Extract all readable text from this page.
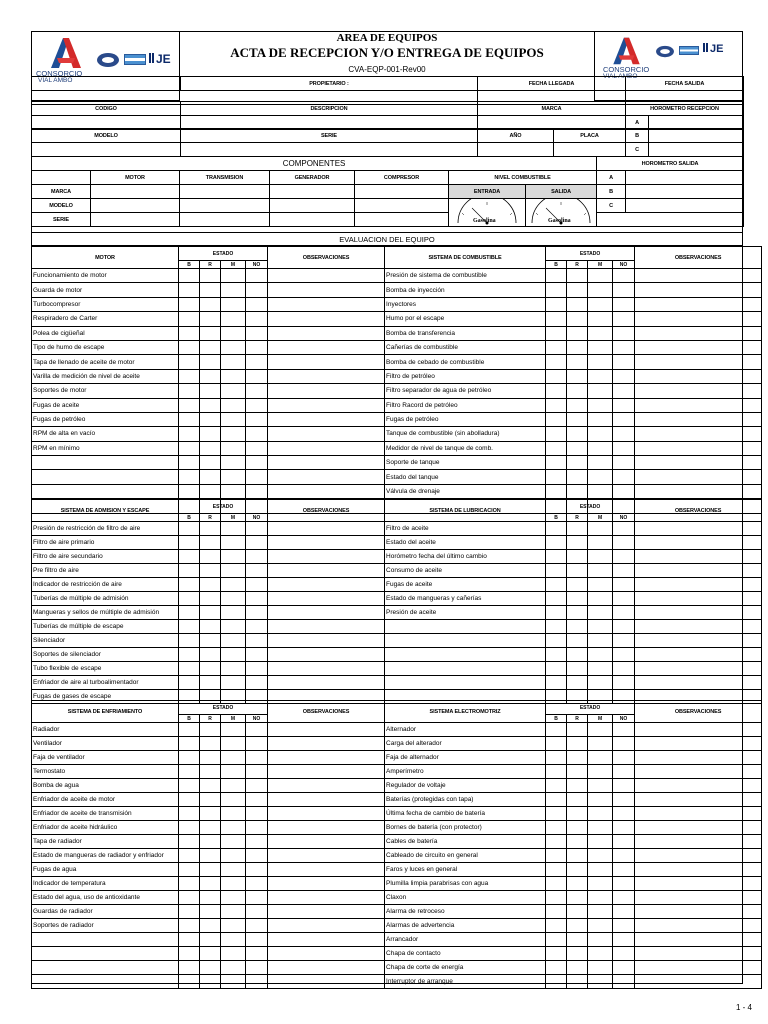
CONSORCIO
VIAL AMBO
JE
CONSORCIO
VIAL AMBO
JE
AREA DE EQUIPOS
ACTA DE RECEPCION Y/O ENTREGA DE EQUIPOS
CVA-EQP-001-Rev00
	PROPIETARIO :	FECHA LLEGADA	FECHA SALIDA

CODIGO	DESCRIPCION	MARCA	HOROMETRO RECEPCION	
			A	
MODELO	SERIE	AÑO	PLACA	B	
				C	
COMPONENTES							HOROMETRO SALIDA	
	MOTOR	TRANSMISION	GENERADOR	COMPRESOR	NIVEL COMBUSTIBLE		A	
MARCA					ENTRADA	SALIDA	B	
MODELO					Gasolina	Gasolina	C	
SERIE								
EVALUACION DEL EQUIPO
MOTOR	ESTADO				OBSERVACIONES	SISTEMA DE COMBUSTIBLE	ESTADO				OBSERVACIONES
	B	R	M	NO			B	R	M	NO	
Funcionamiento de motor						Presión de sistema de combustible					
Guarda de motor						Bomba de inyección					
Turbocompresor						Inyectores					
Respiradero de Carter						Humo por el escape					
Polea de cigüeñal						Bomba de transferencia					
Tipo de humo de escape						Cañerías de combustible					
Tapa de llenado de aceite de motor						Bomba de cebado de combustible					
Varilla de medición de nivel de aceite						Filtro de petróleo					
Soportes de motor						Filtro separador de agua de petróleo					
Fugas de aceite						Filtro Racord de petróleo					
Fugas de petróleo						Fugas de petróleo					
RPM de alta en vacío						Tanque de combustible (sin abolladura)					
RPM en mínimo						Medidor de nivel de tanque de comb.					
						Soporte de tanque					
						Estado del tanque					
						Válvula de drenaje					

SISTEMA DE ADMISION Y ESCAPE	ESTADO				OBSERVACIONES	SISTEMA DE LUBRICACION	ESTADO				OBSERVACIONES
	B	R	M	NO			B	R	M	NO	
Presión de restricción de filtro de aire						Filtro de aceite					
Filtro de aire primario						Estado del aceite					
Filtro de aire secundario						Horómetro fecha del último cambio					
Pre filtro de aire						Consumo de aceite					
Indicador de restricción de aire						Fugas de aceite					
Tuberías de múltiple de admisión						Estado de mangueras y cañerías					
Mangueras y sellos de múltiple de admisión						Presión de aceite					
Tuberías de múltiple de escape											
Silenciador											
Soportes de silenciador											
Tubo flexible de escape											
Enfriador de aire al turboalimentador											
Fugas de gases de escape											
SISTEMA DE ENFRIAMIENTO	ESTADO				OBSERVACIONES	SISTEMA ELECTROMOTRIZ	ESTADO				OBSERVACIONES
	B	R	M	NO			B	R	M	NO	
Radiador						Alternador					
Ventilador						Carga del alterador					
Faja de ventilador						Faja de alternador					
Termostato						Amperímetro					
Bomba de agua						Regulador de voltaje					
Enfriador de aceite de motor						Baterías (protegidas con tapa)					
Enfriador de aceite de transmisión						Última fecha de cambio de batería					
Enfriador de aceite hidráulico						Bornes de batería (con protector)					
Tapa de radiador						Cables de batería					
Estado de mangueras de radiador y enfriador						Cableado de circuito en general					
Fugas de agua						Faros y luces en general					
Indicador de temperatura						Plumilla limpia parabrisas con agua					
Estado del agua, uso de antioxidante						Claxon					
Guardas de radiador						Alarma de retroceso					
Soportes de radiador						Alarmas de advertencia					
						Arrancador					
						Chapa de contacto					
						Chapa de corte de energía					
						Interruptor de arranque					
1 - 4
